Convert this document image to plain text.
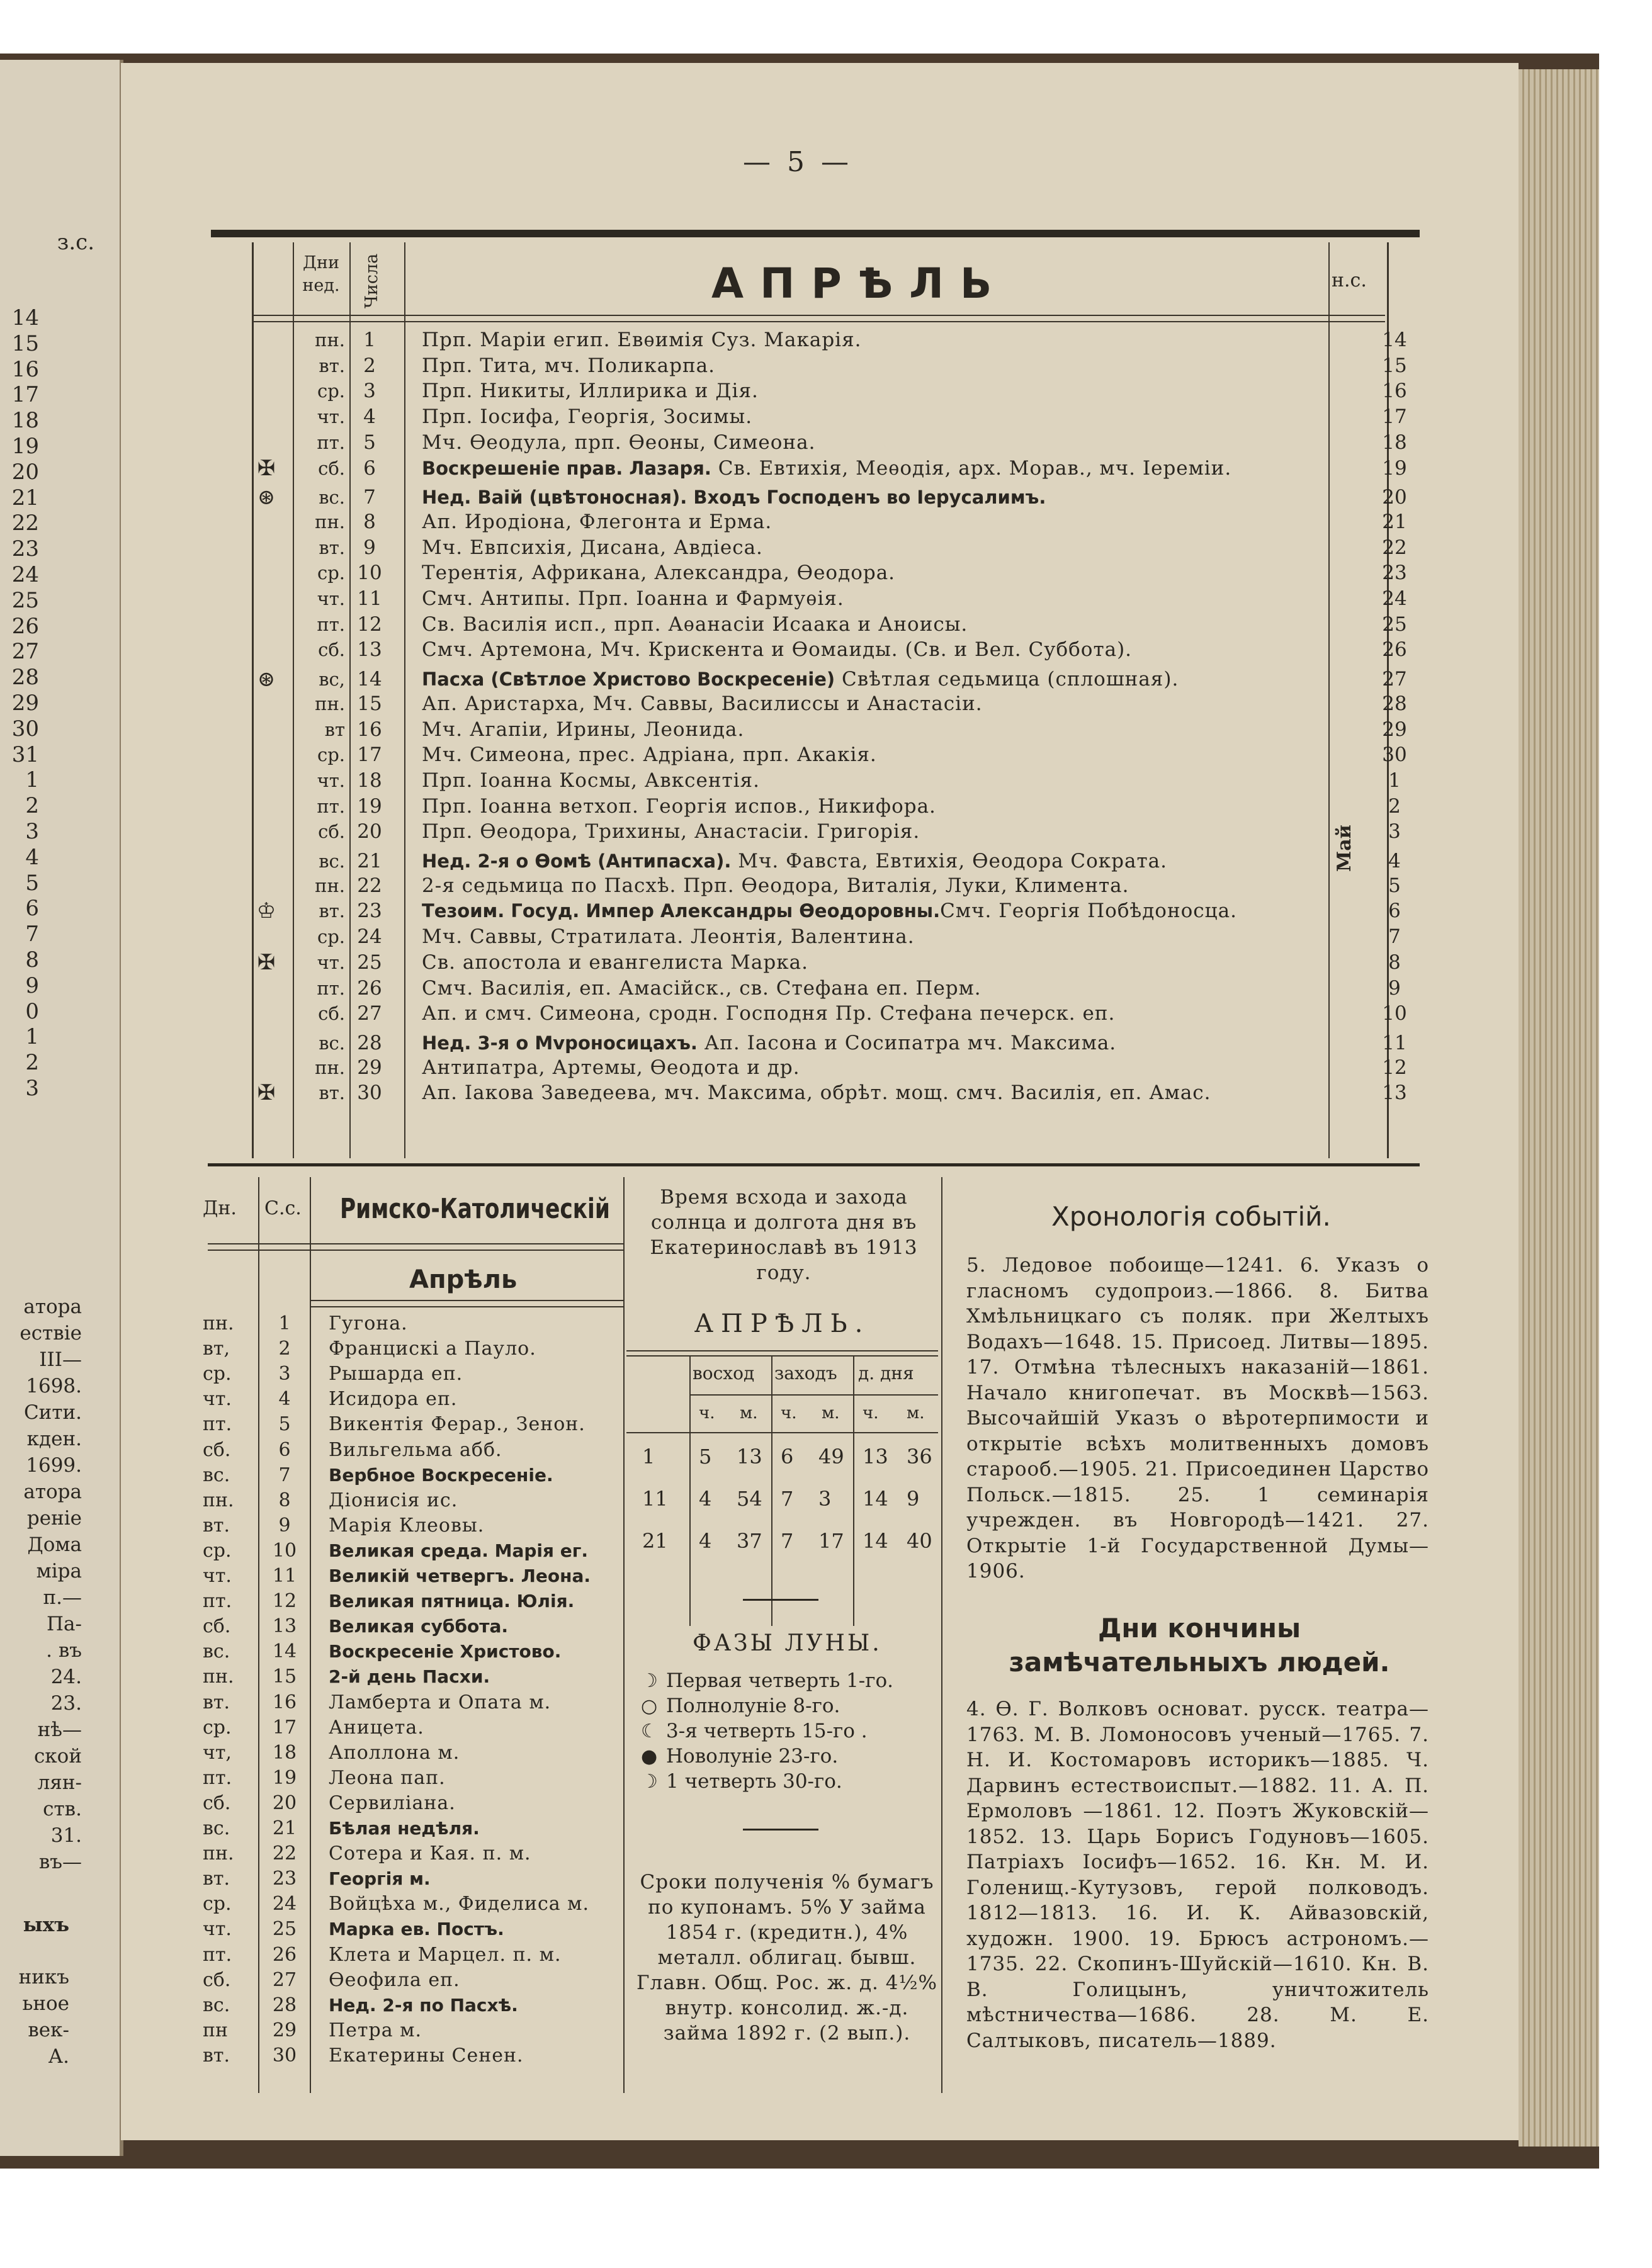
з.с.
14
15
16
17
18
19
20
21
22
23
24
25
26
27
28
29
30
31
1
2
3
4
5
6
7
8
9
0
1
2
3
атора
ествіе
III—
1698.
Сити.
кден.
1699.
атора
реніе
Дома
міра
п.—
Па-
. въ
24.
23.
нѣ—
ской
лян-
ств.
31.
въ—
ыхъ
никъ
ьное
век-
А.
— 5 —
Дни нед.	Числа	АПРѢЛЬ	н.с.
пн. 1	Прп. Маріи егип. Евѳимія Суз. Макарія.	14
вт. 2	Прп. Тита, мч. Поликарпа.	15
ср. 3	Прп. Никиты, Иллирика и Дія.	16
чт. 4	Прп. Іосифа, Георгія, Зосимы.	17
пт. 5	Мч. Ѳеодула, прп. Ѳеоны, Симеона.	18
✠	сб. 6	Воскрешеніе прав. Лазаря. Св. Евтихія, Меѳодія, арх. Морав., мч. Іереміи.	19
⊛	вс. 7	Нед. Ваій (цвѣтоносная). Входъ Господенъ во Іерусалимъ.	20
пн. 8	Ап. Иродіона, Флегонта и Ерма.	21
вт. 9	Мч. Евпсихія, Дисана, Авдіеса.	22
ср. 10	Терентія, Африкана, Александра, Ѳеодора.	23
чт. 11	Смч. Антипы. Прп. Іоанна и Фармуѳія.	24
пт. 12	Св. Василія исп., прп. Аѳанасіи Исаака и Аноисы.	25
сб. 13	Смч. Артемона, Мч. Крискента и Ѳомаиды. (Св. и Вел. Суббота).	26
⊛	вс, 14	Пасха (Свѣтлое Христово Воскресеніе) Свѣтлая седьмица (сплошная).	27
пн. 15	Ап. Аристарха, Мч. Саввы, Василиссы и Анастасіи.	28
вт 16	Мч. Агапіи, Ирины, Леонида.	29
ср. 17	Мч. Симеона, прес. Адріана, прп. Акакія.	30
чт. 18	Прп. Іоанна Космы, Авксентія.	1
пт. 19	Прп. Іоанна ветхоп. Георгія испов., Никифора.	2
сб. 20	Прп. Ѳеодора, Трихины, Анастасіи. Григорія.	3
вс. 21	Нед. 2-я о Ѳомѣ (Антипасха). Мч. Фавста, Евтихія, Ѳеодора Сократа.	4
пн. 22	2-я седьмица по Пасхѣ. Прп. Ѳеодора, Виталія, Луки, Климента.	5
♔	вт. 23	Тезоим. Госуд. Импер Александры Ѳеодоровны.Смч. Георгія Побѣдоносца.	6
ср. 24	Мч. Саввы, Стратилата. Леонтія, Валентина.	7
✠	чт. 25	Св. апостола и евангелиста Марка.	8
пт. 26	Смч. Василія, еп. Амасійск., св. Стефана еп. Перм.	9
сб. 27	Ап. и смч. Симеона, сродн. Господня Пр. Стефана печерск. еп.	10
вс. 28	Нед. 3-я о Мvроносицахъ. Ап. Іасона и Сосипатра мч. Максима.	11
пн. 29	Антипатра, Артемы, Ѳеодота и др.	12
✠	вт. 30	Ап. Іакова Заведеева, мч. Максима, обрѣт. мощ. смч. Василія, еп. Амас.	13
Май
Дн. С.с. Римско-Католическій
Апрѣль
пн.	1	Гугона.
вт,	2	Францискі а Пауло.
ср.	3	Рышарда еп.
чт.	4	Исидора еп.
пт.	5	Викентія Ферар., Зенон.
сб.	6	Вильгельма абб.
вс.	7	Вербное Воскресеніе.
пн.	8	Діонисія ис.
вт.	9	Марія Клеовы.
ср.	10	Великая среда. Марія ег.
чт.	11	Великій четвергъ. Леона.
пт.	12	Великая пятница. Юлія.
сб.	13	Великая суббота.
вс.	14	Воскресеніе Христово.
пн.	15	2-й день Пасхи.
вт.	16	Ламберта и Опата м.
ср.	17	Аницета.
чт,	18	Аполлона м.
пт.	19	Леона пап.
сб.	20	Сервиліана.
вс.	21	Бѣлая недѣля.
пн.	22	Сотера и Кая. п. м.
вт.	23	Георгія м.
ср.	24	Войцѣха м., Фиделиса м.
чт.	25	Марка ев. Постъ.
пт.	26	Клета и Марцел. п. м.
сб.	27	Ѳеофила еп.
вс.	28	Нед. 2-я по Пасхѣ.
пн	29	Петра м.
вт.	30	Екатерины Сенен.
Время всхода и захода солнца и долгота дня въ Екатеринославѣ въ 1913 году.
АПРѢЛЬ.
восход заходъ д. дня
ч. м. ч. м. ч. м.
1 5 13 6 49 13 36
11 4 54 7 3 14 9
21 4 37 7 17 14 40
ФАЗЫ ЛУНЫ.
☽ Первая четверть 1-го.
○ Полнолуніе 8-го.
☾ 3-я четверть 15-го .
● Новолуніе 23-го.
☽ 1 четверть 30-го.
Сроки полученія % бумагъ по купонамъ. 5% У займа 1854 г. (кредитн.), 4% металл. облигац. бывш. Главн. Общ. Рос. ж. д. 4½% внутр. консолид. ж.-д. займа 1892 г. (2 вып.).
Хронологія событій.
5. Ледовое побоище—1241. 6. Указъ о гласномъ судопроиз.—1866. 8. Битва Хмѣльницкаго съ поляк. при Желтыхъ Водахъ—1648. 15. Присоед. Литвы—1895. 17. Отмѣна тѣлесныхъ наказаній—1861. Начало книгопечат. въ Москвѣ—1563. Высочайшій Указъ о вѣротерпимости и открытіе всѣхъ молитвенныхъ домовъ старооб.—1905. 21. Присоединен Царство Польск.—1815. 25. 1 семинарія учрежден. въ Новгородѣ—1421. 27. Открытіе 1-й Государственной Думы—1906.
Дни кончины замѣчательныхъ людей.
4. Ѳ. Г. Волковъ основат. русск. театра—1763. М. В. Ломоносовъ ученый—1765. 7. Н. И. Костомаровъ историкъ—1885. Ч. Дарвинъ естествоиспыт.—1882. 11. А. П. Ермоловъ —1861. 12. Поэтъ Жуковскій—1852. 13. Царь Борисъ Годуновъ—1605. Патріахъ Іосифъ—1652. 16. Кн. М. И. Голенищ.-Кутузовъ, герой полководъ. 1812—1813. 16. И. К. Айвазовскій, художн. 1900. 19. Брюсъ астрономъ.—1735. 22. Скопинъ-Шуйскій—1610. Кн. В. В. Голицынъ, уничтожитель мѣстничества—1686. 28. М. Е. Салтыковъ, писатель—1889.
